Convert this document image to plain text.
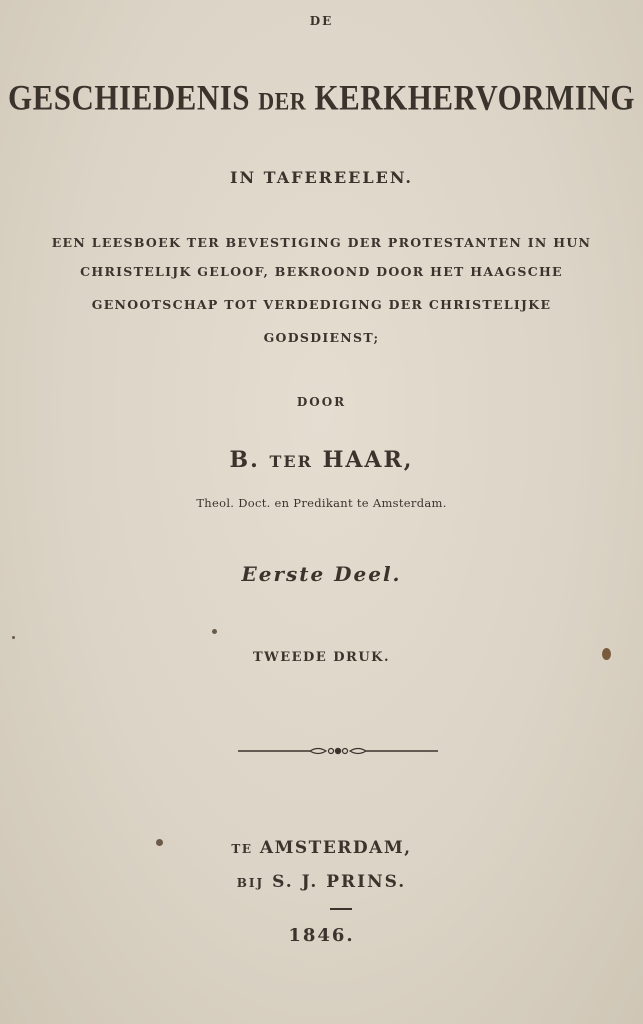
DE
GESCHIEDENIS DER KERKHERVORMING
IN TAFEREELEN.
EEN LEESBOEK TER BEVESTIGING DER PROTESTANTEN IN HUN
CHRISTELIJK GELOOF, BEKROOND DOOR HET HAAGSCHE
GENOOTSCHAP TOT VERDEDIGING DER CHRISTELIJKE
GODSDIENST;
DOOR
B. TER HAAR,
Theol. Doct. en Predikant te Amsterdam.
Eerste Deel.
TWEEDE DRUK.
TE AMSTERDAM,
BIJ S. J. PRINS.
1846.
